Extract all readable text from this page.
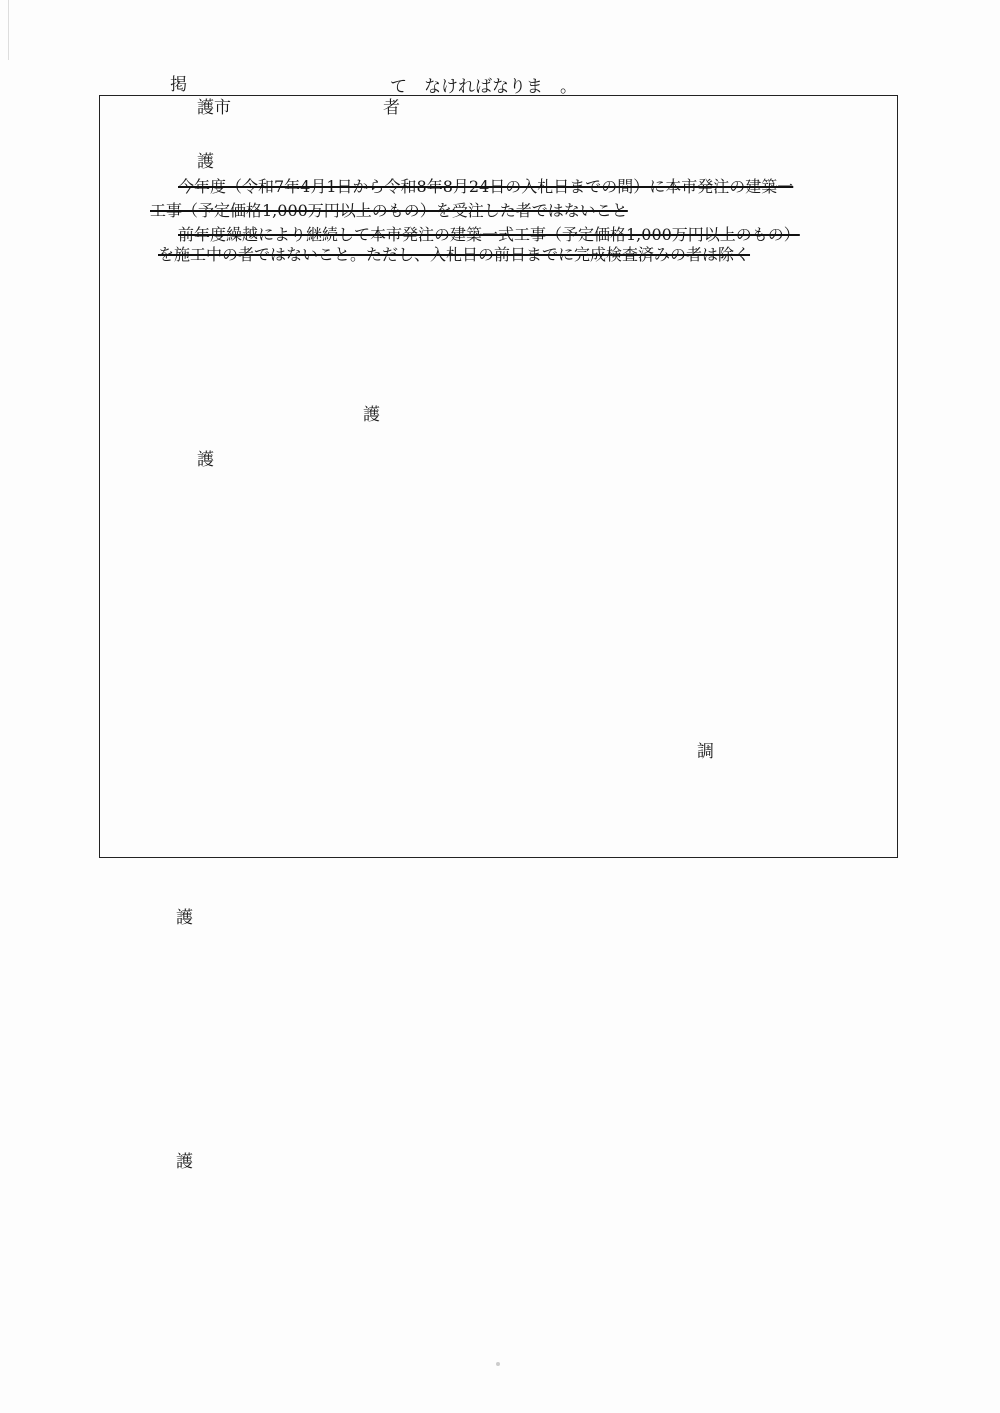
掲	て　なければなりま　。
護市	者
護
今年度（令和7年4月1日から令和8年8月24日の入札日までの間）に本市発注の建築一
工事（予定価格1,000万円以上のもの）を受注した者ではないこと
前年度繰越により継続して本市発注の建築一式工事（予定価格1,000万円以上のもの）
を施工中の者ではないこと。ただし、入札日の前日までに完成検査済みの者は除く
護
護
調
護
護
